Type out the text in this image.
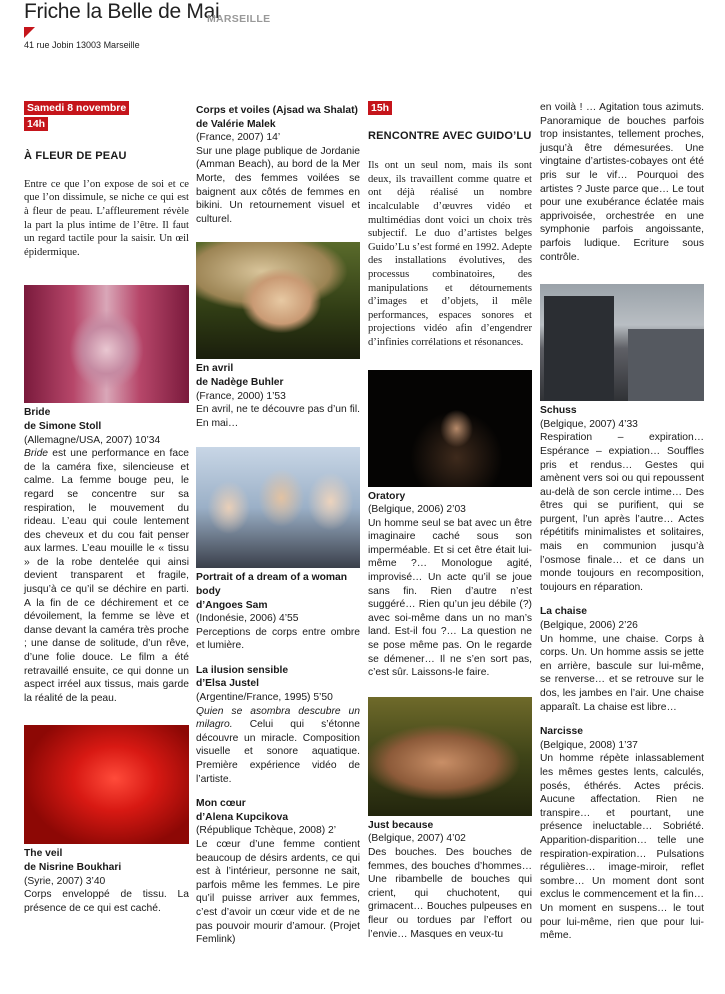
Friche la Belle de Mai
MARSEILLE
41 rue Jobin 13003 Marseille
Samedi 8 novembre
14h
À FLEUR DE PEAU

Entre ce que l’on expose de soi et ce que l’on dissimule, se niche ce qui est à fleur de peau. L’affleurement révèle la part la plus intime de l’être. Il faut un regard tactile pour la saisir. Un œil épidermique.

Bride
de Simone Stoll
(Allemagne/USA, 2007) 10’34
Bride est une performance en face de la caméra fixe, silencieuse et calme. La femme bouge peu, le regard se concentre sur sa respiration, le mouvement du rideau. L’eau qui coule lentement des cheveux et du cou fait penser aux larmes. L’eau mouille le « tissu » de la robe dentelée qui ainsi devient transparent et fragile, jusqu’à ce qu’il se déchire en parti. A la fin de ce déchirement et ce dévoilement, la femme se lève et danse devant la caméra très proche ; une danse de solitude, d’un rêve, d’une folie douce. Le film a été retravaillé ensuite, ce qui donne un aspect irréel aux tissus, mais garde la réalité de la peau.
The veil
de Nisrine Boukhari
(Syrie, 2007) 3’40
Corps enveloppé de tissu. La présence de ce qui est caché.
Corps et voiles (Ajsad wa Shalat)
de Valérie Malek
(France, 2007) 14’
Sur une plage publique de Jordanie (Amman Beach), au bord de la Mer Morte, des femmes voilées se baignent aux côtés de femmes en bikini. Un retournement visuel et culturel.
En avril
de Nadège Buhler
(France, 2000) 1’53
En avril, ne te découvre pas d’un fil. En mai…
Portrait of a dream of a woman body
d’Angoes Sam
(Indonésie, 2006) 4’55
Perceptions de corps entre ombre et lumière.
La ilusion sensible
d’Elsa Justel
(Argentine/France, 1995) 5’50
Quien se asombra descubre un milagro. Celui qui s’étonne découvre un miracle. Composition visuelle et sonore aquatique. Première expérience vidéo de l’artiste.
Mon cœur
d’Alena Kupcikova
(République Tchèque, 2008) 2’
Le cœur d’une femme contient beaucoup de désirs ardents, ce qui est à l’intérieur, personne ne sait, parfois même les femmes. Le pire qu’il puisse arriver aux femmes, c’est d’avoir un cœur vide et de ne pas pouvoir mourir d’amour. (Projet Femlink)
15h
RENCONTRE AVEC GUIDO’LU

Ils ont un seul nom, mais ils sont deux, ils travaillent comme quatre et ont déjà réalisé un nombre incalculable d’œuvres vidéo et multimédias dont voici un choix très subjectif. Le duo d’artistes belges Guido’Lu s’est formé en 1992. Adepte des installations évolutives, des processus combinatoires, des manipulations et détournements d’images et d’objets, il mêle performances, espaces sonores et projections vidéo afin d’engendrer d’infinies corrélations et résonances.

Oratory
(Belgique, 2006) 2’03
Un homme seul se bat avec un être imaginaire caché sous son imperméable. Et si cet être était lui-même ?… Monologue agité, improvisé… Un acte qu’il se joue sans fin. Rien d’autre n’est suggéré… Rien qu’un jeu débile (?) avec soi-même dans un no man’s land. Est-il fou ?… La question ne se pose même pas. On le regarde se démener… Il ne s’en sort pas, c’est sûr. Laissons-le faire.
Just because
(Belgique, 2007) 4’02
Des bouches. Des bouches de femmes, des bouches d’hommes… Une ribambelle de bouches qui crient, qui chuchotent, qui grimacent… Bouches pulpeuses en fleur ou tordues par l’effort ou l’envie… Masques en veux-tu
en voilà ! … Agitation tous azimuts. Panoramique de bouches parfois trop insistantes, tellement proches, jusqu’à être démesurées. Une vingtaine d’artistes-cobayes ont été pris sur le vif… Pourquoi des artistes ? Juste parce que… Le tout pour une exubérance éclatée mais apprivoisée, orchestrée en une symphonie parfois angoissante, parfois ludique. Ecriture sous contrôle.
Schuss
(Belgique, 2007) 4’33
Respiration – expiration… Espérance – expiation… Souffles pris et rendus… Gestes qui amènent vers soi ou qui repoussent au-delà de son cercle intime… Des êtres qui se purifient, qui se purgent, l’un après l’autre… Actes répétitifs minimalistes et solitaires, mais en communion jusqu’à l’osmose finale… et ce dans un monde toujours en recomposition, toujours en réparation.
La chaise
(Belgique, 2006) 2’26
Un homme, une chaise. Corps à corps. Un. Un homme assis se jette en arrière, bascule sur lui-même, se renverse… et se retrouve sur le dos, les jambes en l’air. Une chaise apparaît. La chaise est libre…
Narcisse
(Belgique, 2008) 1’37
Un homme répète inlassablement les mêmes gestes lents, calculés, posés, éthérés. Actes précis. Aucune affectation. Rien ne transpire… et pourtant, une présence ineluctable… Sobriété. Apparition-disparition… telle une respiration-expiration… Pulsations régulières… image-miroir, reflet sombre… Un moment dont sont exclus le commencement et la fin… Un moment en suspens… le tout pour lui-même, rien que pour lui-même.
